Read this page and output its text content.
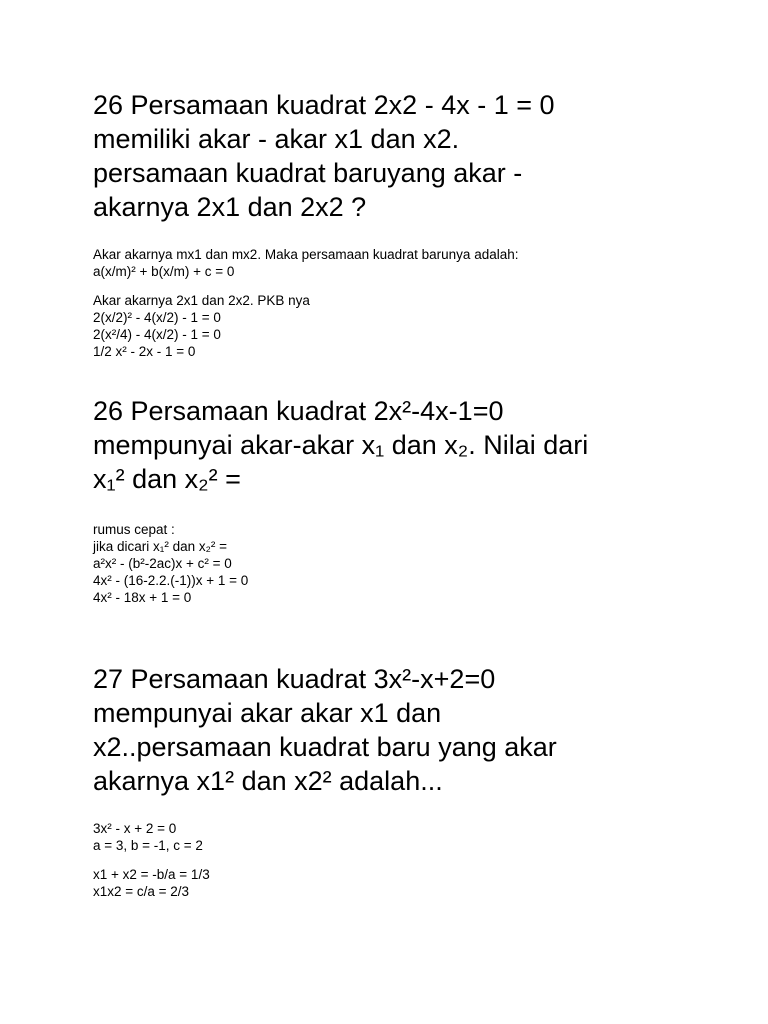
26 Persamaan kuadrat 2x2 - 4x - 1 = 0
memiliki akar - akar x1 dan x2.
persamaan kuadrat baruyang akar -
akarnya 2x1 dan 2x2 ?

Akar akarnya mx1 dan mx2. Maka persamaan kuadrat barunya adalah:
a(x/m)² + b(x/m) + c = 0

Akar akarnya 2x1 dan 2x2. PKB nya
2(x/2)² - 4(x/2) - 1 = 0
2(x²/4) - 4(x/2) - 1 = 0
1/2 x² - 2x - 1 = 0

26 Persamaan kuadrat 2x²-4x-1=0
mempunyai akar-akar x₁ dan x₂. Nilai dari
x₁² dan x₂² =

rumus cepat :
jika dicari x₁² dan x₂² =
a²x² - (b²-2ac)x + c² = 0
4x² - (16-2.2.(-1))x + 1 = 0
4x² - 18x + 1 = 0

27 Persamaan kuadrat 3x²-x+2=0
mempunyai akar akar x1 dan
x2..persamaan kuadrat baru yang akar
akarnya x1² dan x2² adalah...

3x² - x + 2 = 0
a = 3, b = -1, c = 2

x1 + x2 = -b/a = 1/3
x1x2 = c/a = 2/3
